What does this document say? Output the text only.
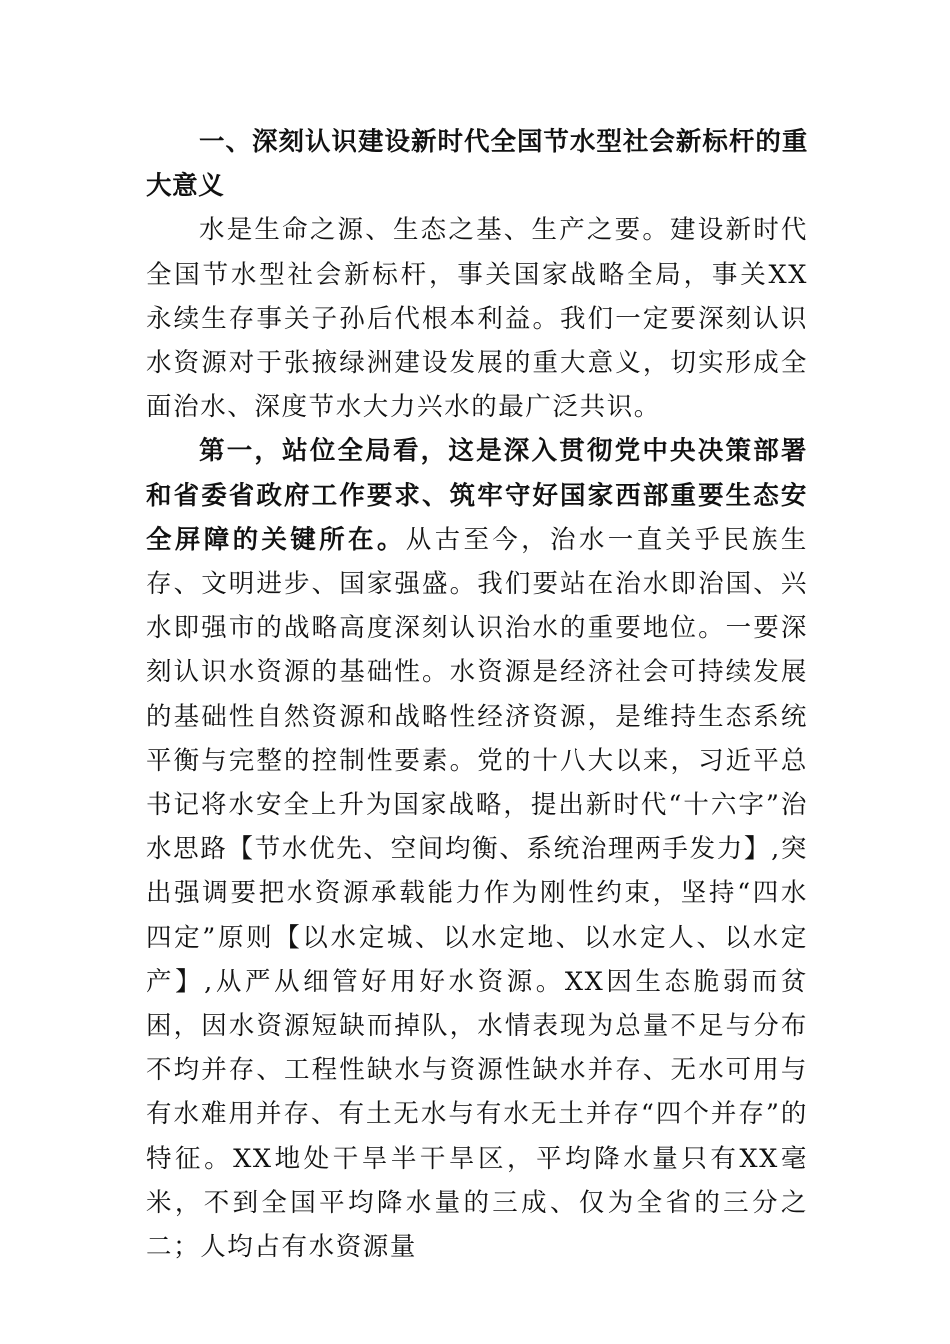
一、深刻认识建设新时代全国节水型社会新标杆的重大意义

水是生命之源、生态之基、生产之要。建设新时代全国节水型社会新标杆，事关国家战略全局，事关XX永续生存事关子孙后代根本利益。我们一定要深刻认识水资源对于张掖绿洲建设发展的重大意义，切实形成全面治水、深度节水大力兴水的最广泛共识。

第一，站位全局看，这是深入贯彻党中央决策部署和省委省政府工作要求、筑牢守好国家西部重要生态安全屏障的关键所在。从古至今，治水一直关乎民族生存、文明进步、国家强盛。我们要站在治水即治国、兴水即强市的战略高度深刻认识治水的重要地位。一要深刻认识水资源的基础性。水资源是经济社会可持续发展的基础性自然资源和战略性经济资源，是维持生态系统平衡与完整的控制性要素。党的十八大以来，习近平总书记将水安全上升为国家战略，提出新时代“十六字”治水思路【节水优先、空间均衡、系统治理两手发力】,突出强调要把水资源承载能力作为刚性约束，坚持“四水四定”原则【以水定城、以水定地、以水定人、以水定产】,从严从细管好用好水资源。XX因生态脆弱而贫困，因水资源短缺而掉队，水情表现为总量不足与分布不均并存、工程性缺水与资源性缺水并存、无水可用与有水难用并存、有土无水与有水无土并存“四个并存”的特征。XX地处干旱半干旱区，平均降水量只有XX毫米，不到全国平均降水量的三成、仅为全省的三分之二；人均占有水资源量
